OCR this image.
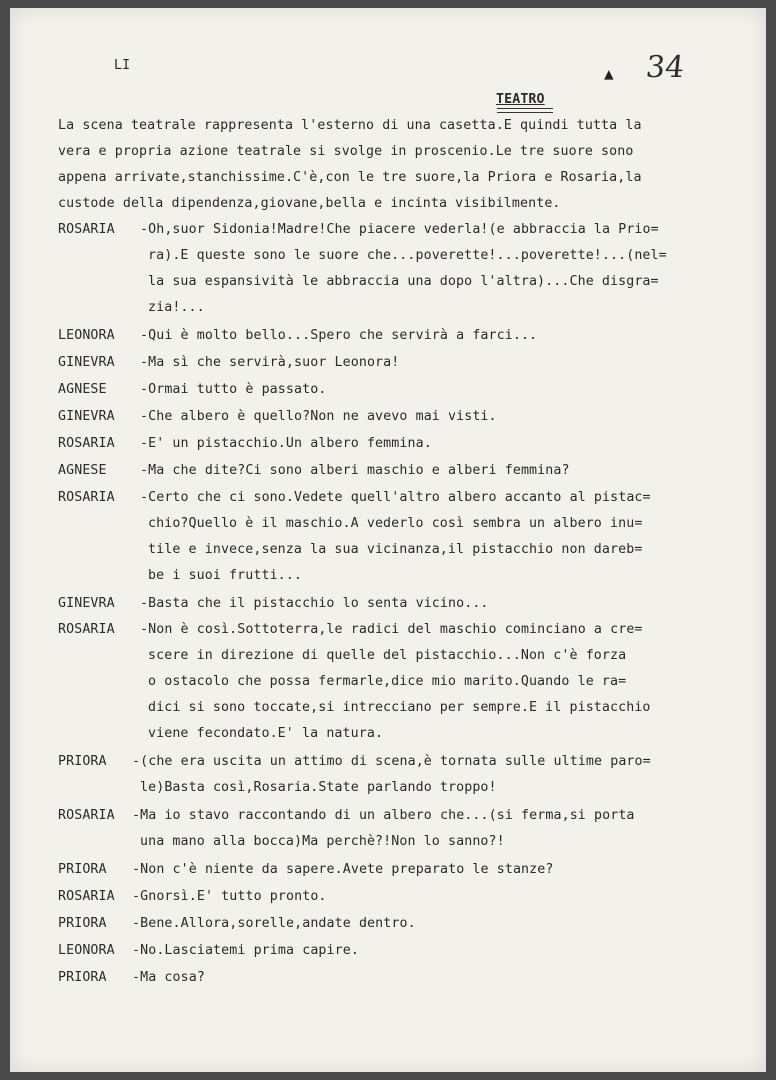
LI	▲ 34
TEATRO
La scena teatrale rappresenta l'esterno di una casetta.E quindi tutta la
vera e propria azione teatrale si svolge in proscenio.Le tre suore sono
appena arrivate,stanchissime.C'è,con le tre suore,la Priora e Rosaria,la
custode della dipendenza,giovane,bella e incinta visibilmente.
ROSARIA -Oh,suor Sidonia!Madre!Che piacere vederla!(e abbraccia la Prio=
ra).E queste sono le suore che...poverette!...poverette!...(nel=
la sua espansività le abbraccia una dopo l'altra)...Che disgra=
zia!...
LEONORA -Qui è molto bello...Spero che servirà a farci...
GINEVRA -Ma sì che servirà,suor Leonora!
AGNESE	-Ormai tutto è passato.
GINEVRA -Che albero è quello?Non ne avevo mai visti.
ROSARIA -E' un pistacchio.Un albero femmina.
AGNESE	-Ma che dite?Ci sono alberi maschio e alberi femmina?
ROSARIA -Certo che ci sono.Vedete quell'altro albero accanto al pistac=
chio?Quello è il maschio.A vederlo così sembra un albero inu=
tile e invece,senza la sua vicinanza,il pistacchio non dareb=
be i suoi frutti...
GINEVRA -Basta che il pistacchio lo senta vicino...
ROSARIA -Non è così.Sottoterra,le radici del maschio cominciano a cre=
scere in direzione di quelle del pistacchio...Non c'è forza
o ostacolo che possa fermarle,dice mio marito.Quando le ra=
dici si sono toccate,si intrecciano per sempre.E il pistacchio
viene fecondato.E' la natura.
PRIORA -(che era uscita un attimo di scena,è tornata sulle ultime paro=
le)Basta così,Rosaria.State parlando troppo!
ROSARIA -Ma io stavo raccontando di un albero che...(si ferma,si porta
una mano alla bocca)Ma perchè?!Non lo sanno?!
PRIORA -Non c'è niente da sapere.Avete preparato le stanze?
ROSARIA -Gnorsì.E' tutto pronto.
PRIORA -Bene.Allora,sorelle,andate dentro.
LEONORA -No.Lasciatemi prima capire.
PRIORA -Ma cosa?
